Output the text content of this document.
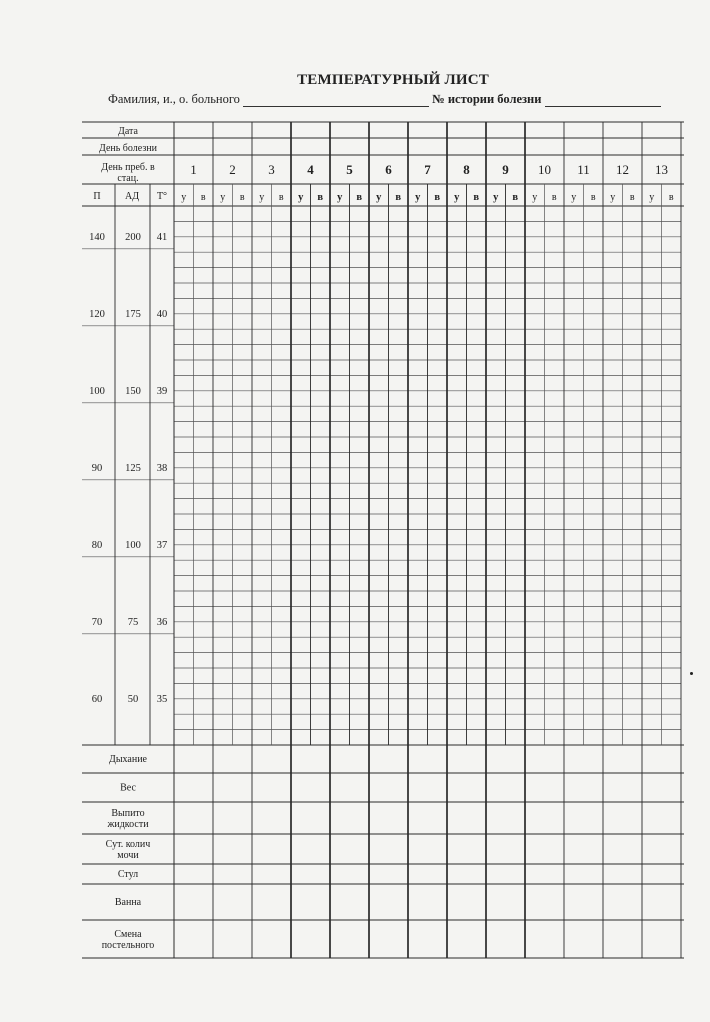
ТЕМПЕРАТУРНЫЙ ЛИСТ
Фамилия, и., о. больного	№ истории болезни
Дата
День болезни
День преб. в
стац.
П АД Т°
1
у в
2
у в
3
у в
4
у в
5
у в
6
у в
7
у в
8
у в
9
у в
10
у в
11
у в
12
у в
13
у в
140 200 41
120 175 40
100 150 39
90 125 38
80 100 37
70 75 36
60 50 35
Дыхание
Вес
Выпито
жидкости
Сут. колич
мочи
Стул
Ванна
Смена
постельного
